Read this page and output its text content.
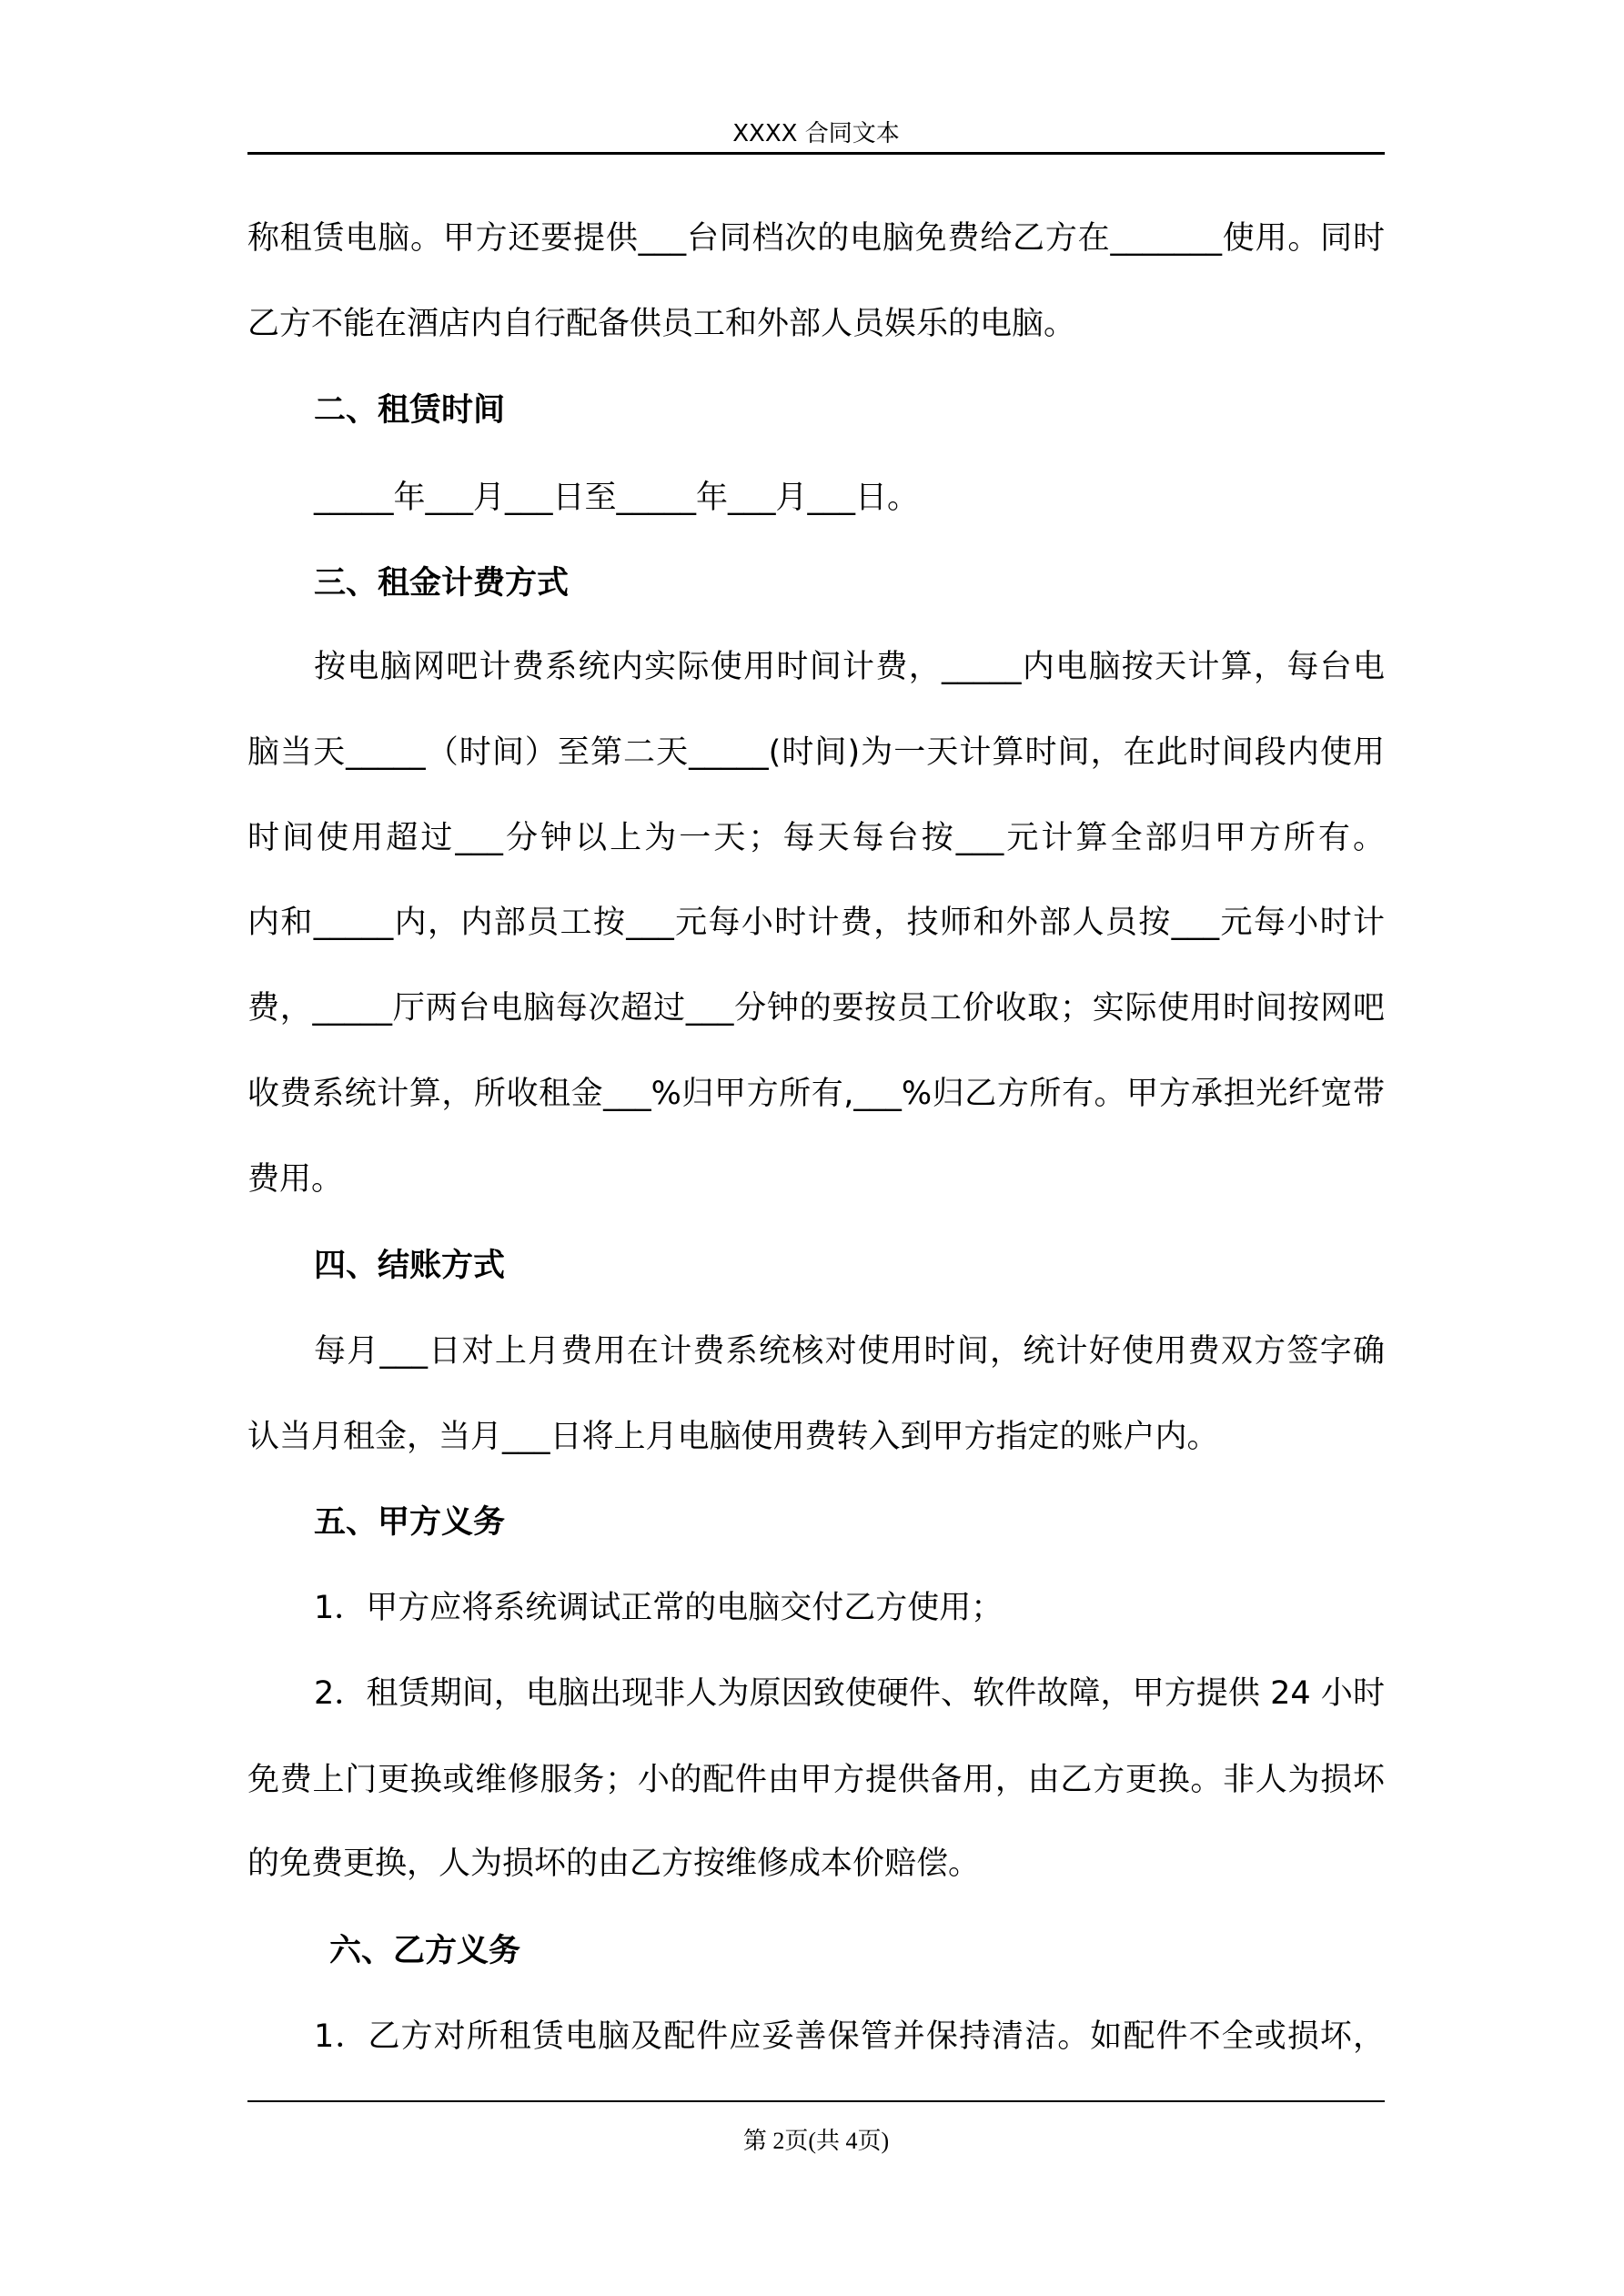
XXXX 合同文本
称租赁电脑。甲方还要提供___台同档次的电脑免费给乙方在_______使用。同时
乙方不能在酒店内自行配备供员工和外部人员娱乐的电脑。
二、租赁时间
_____年___月___日至_____年___月___日。
三、租金计费方式
按电脑网吧计费系统内实际使用时间计费，_____内电脑按天计算，每台电
脑当天_____（时间）至第二天_____(时间)为一天计算时间，在此时间段内使用
时间使用超过___分钟以上为一天；每天每台按___元计算全部归甲方所有。
内和_____内，内部员工按___元每小时计费，技师和外部人员按___元每小时计
费，_____厅两台电脑每次超过___分钟的要按员工价收取；实际使用时间按网吧
收费系统计算，所收租金___%归甲方所有,___%归乙方所有。甲方承担光纤宽带
费用。
四、结账方式
每月___日对上月费用在计费系统核对使用时间，统计好使用费双方签字确
认当月租金，当月___日将上月电脑使用费转入到甲方指定的账户内。
五、甲方义务
1．甲方应将系统调试正常的电脑交付乙方使用；
2．租赁期间，电脑出现非人为原因致使硬件、软件故障，甲方提供 24 小时
免费上门更换或维修服务；小的配件由甲方提供备用，由乙方更换。非人为损坏
的免费更换，人为损坏的由乙方按维修成本价赔偿。
六、乙方义务
1．乙方对所租赁电脑及配件应妥善保管并保持清洁。如配件不全或损坏，
第 2页(共 4页)
